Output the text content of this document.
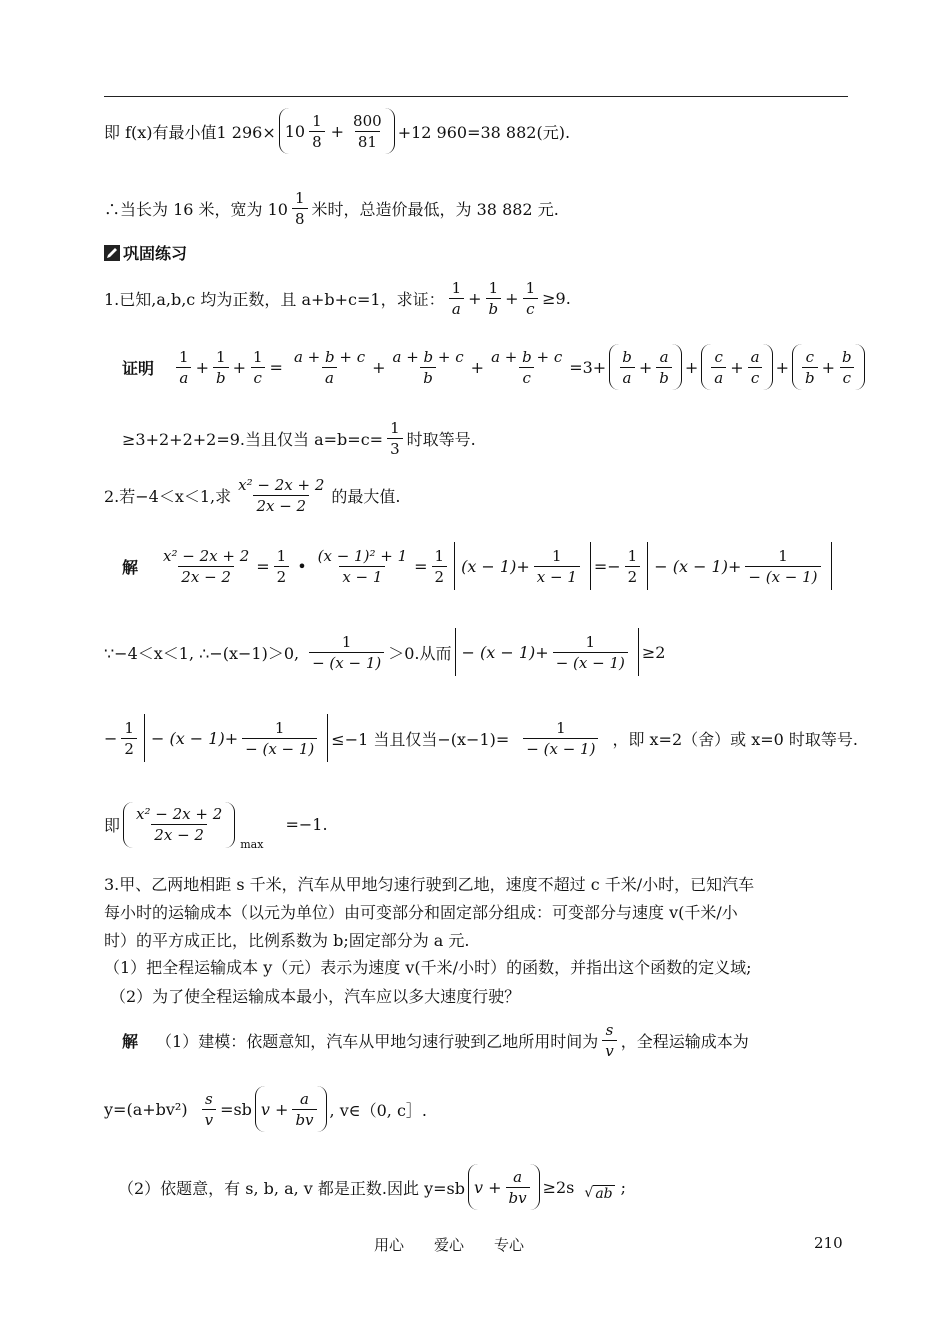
即 f(x)有最小值1 $296\times 10 \frac{1}{8} + \frac{800}{81} +12$ 960=38 882(元).
∴当长为 16 米，宽为 $10 \frac{1}{8}$ 米时，总造价最低，为 38 882 元.
巩固练习
1.已知,a,b,c 均为正数，且 a+b+c=1，求证： $\frac{1}{a} + \frac{1}{b} + \frac{1}{c} \ge 9$.
证明 $\frac{1}{a} + \frac{1}{b} + \frac{1}{c} = \frac{a + b + c}{a} + \frac{a + b + c}{b} + \frac{a + b + c}{c} =3+ \frac{b}{a} + \frac{a}{b} + \frac{c}{a} + \frac{a}{c} + \frac{c}{b} + \frac{b}{c}$
≥3+2+2+2=9.当且仅当 $a=b=c= \frac{1}{3}$ 时取等号.
2.若−4＜x＜1,求 $\frac{\text{x² − 2x + 2}}{2x - 2}$ 的最大值.
解 $\frac{\text{x² − 2x + 2}}{2x - 2} = \frac{1}{2}$ • $\frac{\text{(x − 1)² + 1}}{x - 1} = \frac{1}{2} (x - 1)+ \frac{1}{x - 1} =- \frac{1}{2} - (x - 1)+ \frac{1}{- (x - 1)}$
∵−4＜x＜1, ∴−(x−1)＞0, $\frac{1}{- (x - 1)} >0$.从而 − $(x - 1)+ \frac{1}{- (x - 1)} \ge 2$
− $\frac{1}{2} - (x - 1)+ \frac{1}{- (x - 1)} \le-1$ 当且仅当$-(x-1)= \frac{1}{- (x - 1)}$ ，即 x=2（舍）或 x=0 时取等号.
即 $\frac{\text{x² − 2x + 2}}{2x - 2}$ max
=−1.
3.甲、乙两地相距 s 千米，汽车从甲地匀速行驶到乙地，速度不超过 c 千米/小时，已知汽车
每小时的运输成本（以元为单位）由可变部分和固定部分组成：可变部分与速度 v(千米/小
时）的平方成正比，比例系数为 b;固定部分为 a 元.
（1）把全程运输成本 y（元）表示为速度 v(千米/小时）的函数，并指出这个函数的定义域;
（2）为了使全程运输成本最小，汽车应以多大速度行驶？
解 （1）建模：依题意知，汽车从甲地匀速行驶到乙地所用时间为 $\frac{s}{v}$ ，全程运输成本为
$y=(a+bv^2) \frac{s}{v} =sb$ $v + \frac{a}{bv}$ , v∈（0, c］.
（2）依题意，有 s, b, a, v 都是正数.因此 y=sb $v + \frac{a}{bv} \ge 2s$ √ ab ;
用心　　爱心　　专心	210
